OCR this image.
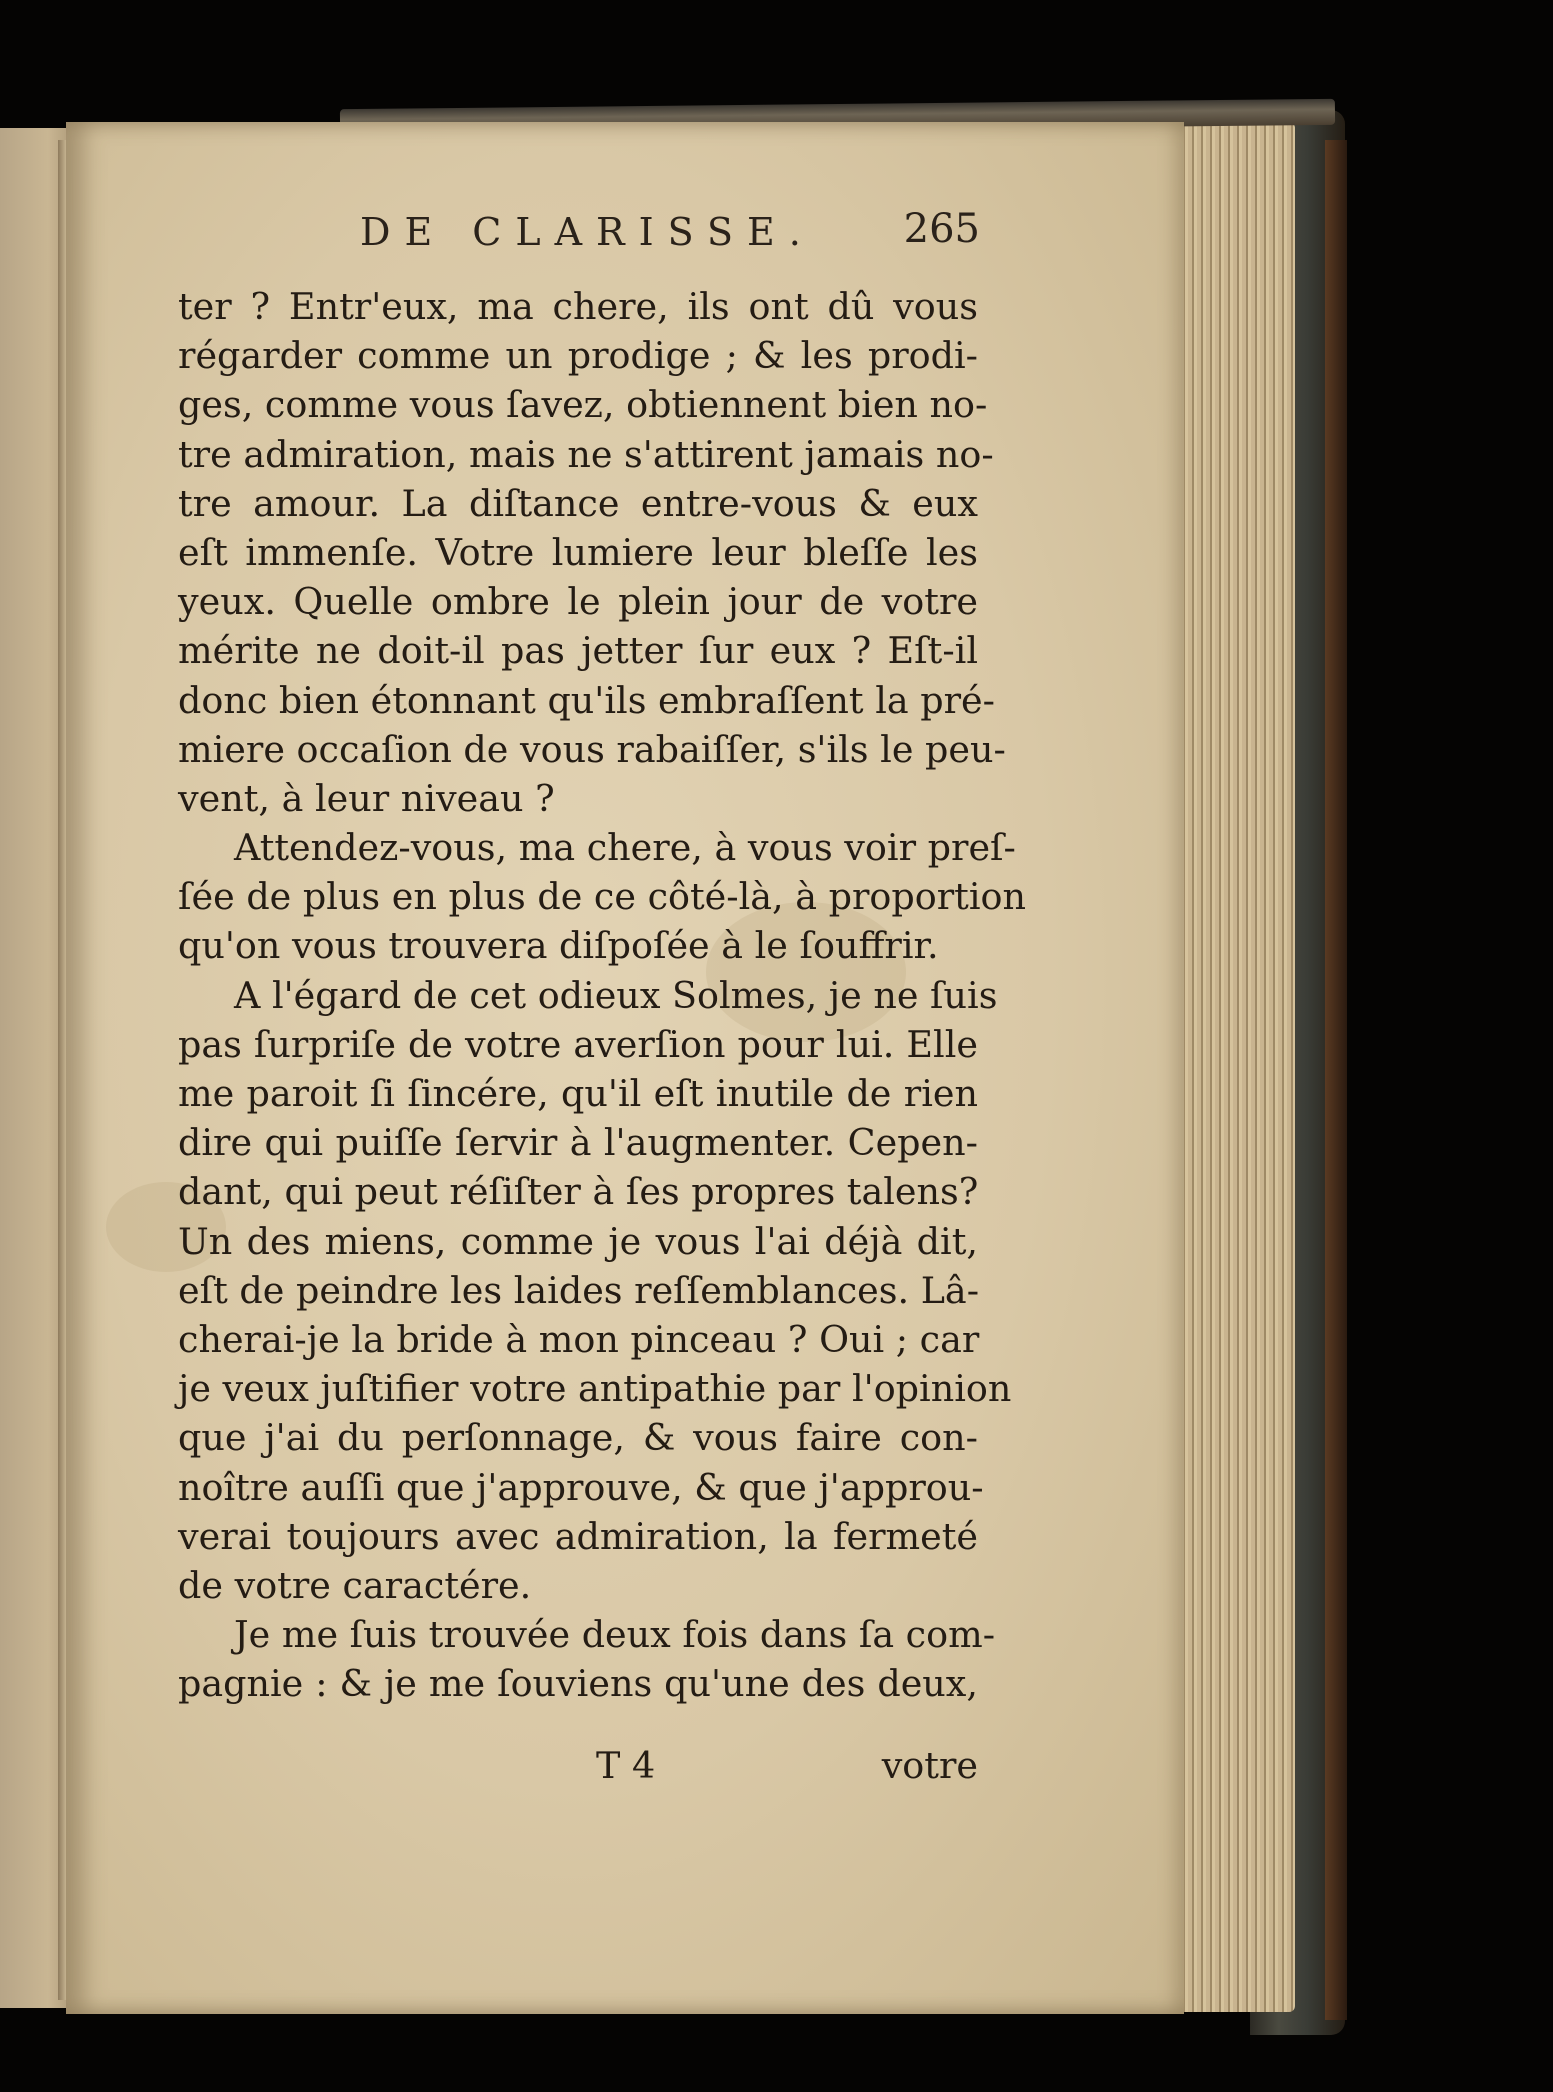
DE CLARISSE. 265
ter ? Entr'eux, ma chere, ils ont dû vous
régarder comme un prodige ; & les prodi-
ges, comme vous ſavez, obtiennent bien no-
tre admiration, mais ne s'attirent jamais no-
tre amour. La diſtance entre-vous & eux
eſt immenſe. Votre lumiere leur bleſſe les
yeux. Quelle ombre le plein jour de votre
mérite ne doit-il pas jetter ſur eux ? Eſt-il
donc bien étonnant qu'ils embraſſent la pré-
miere occaſion de vous rabaiſſer, s'ils le peu-
vent, à leur niveau ?
Attendez-vous, ma chere, à vous voir preſ-
ſée de plus en plus de ce côté-là, à proportion
qu'on vous trouvera diſpoſée à le ſouffrir.
A l'égard de cet odieux Solmes, je ne ſuis
pas ſurpriſe de votre averſion pour lui. Elle
me paroit ſi ſincére, qu'il eſt inutile de rien
dire qui puiſſe ſervir à l'augmenter. Cepen-
dant, qui peut réſiſter à ſes propres talens?
Un des miens, comme je vous l'ai déjà dit,
eſt de peindre les laides reſſemblances. Lâ-
cherai-je la bride à mon pinceau ? Oui ; car
je veux juſtifier votre antipathie par l'opinion
que j'ai du perſonnage, & vous faire con-
noître auſſi que j'approuve, & que j'approu-
verai toujours avec admiration, la fermeté
de votre caractére.
Je me ſuis trouvée deux fois dans ſa com-
pagnie : & je me ſouviens qu'une des deux,
T 4	votre
